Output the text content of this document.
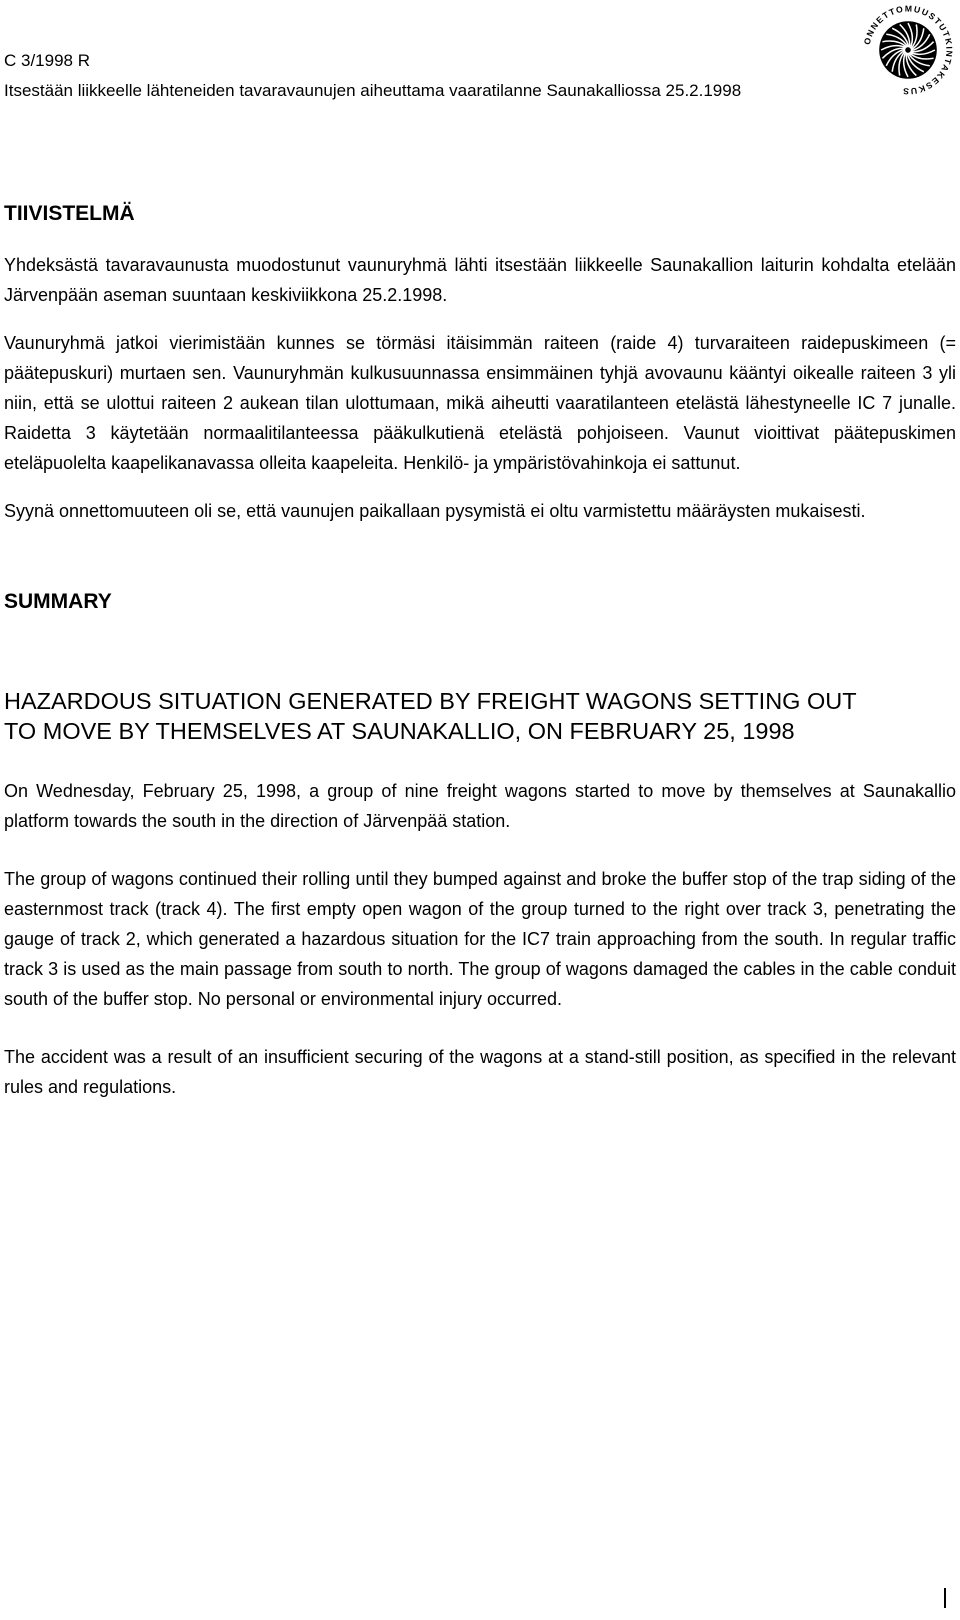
C 3/1998 R
Itsestään liikkeelle lähteneiden tavaravaunujen aiheuttama vaaratilanne Saunakalliossa 25.2.1998
ONNETTOMUUSTUTKINTAKESKUS
TIIVISTELMÄ

Yhdeksästä tavaravaunusta muodostunut vaunuryhmä lähti itsestään liikkeelle Saunakallion laiturin kohdalta etelään Järvenpään aseman suuntaan keskiviikkona 25.2.1998.

Vaunuryhmä jatkoi vierimistään kunnes se törmäsi itäisimmän raiteen (raide 4) turvaraiteen raidepuskimeen (= päätepuskuri) murtaen sen. Vaunuryhmän kulkusuunnassa ensimmäinen tyhjä avovaunu kääntyi oikealle raiteen 3 yli niin, että se ulottui raiteen 2 aukean tilan ulottumaan, mikä aiheutti vaaratilanteen etelästä lähestyneelle IC 7 junalle. Raidetta 3 käytetään normaalitilanteessa pääkulkutienä etelästä pohjoiseen. Vaunut vioittivat päätepuskimen eteläpuolelta kaapelikanavassa olleita kaapeleita. Henkilö- ja ympäristövahinkoja ei sattunut.

Syynä onnettomuuteen oli se, että vaunujen paikallaan pysymistä ei oltu varmistettu määräysten mukaisesti.

SUMMARY
HAZARDOUS SITUATION GENERATED BY FREIGHT WAGONS SETTING OUT
TO MOVE BY THEMSELVES AT SAUNAKALLIO, ON FEBRUARY 25, 1998

On Wednesday, February 25, 1998, a group of nine freight wagons started to move by themselves at Saunakallio platform towards the south in the direction of Järvenpää station.

The group of wagons continued their rolling until they bumped against and broke the buffer stop of the trap siding of the easternmost track (track 4). The first empty open wagon of the group turned to the right over track 3, penetrating the gauge of track 2, which generated a hazardous situation for the IC7 train approaching from the south. In regular traffic track 3 is used as the main passage from south to north. The group of wagons damaged the cables in the cable conduit south of the buffer stop. No personal or environmental injury occurred.

The accident was a result of an insufficient securing of the wagons at a stand-still position, as specified in the relevant rules and regulations.
